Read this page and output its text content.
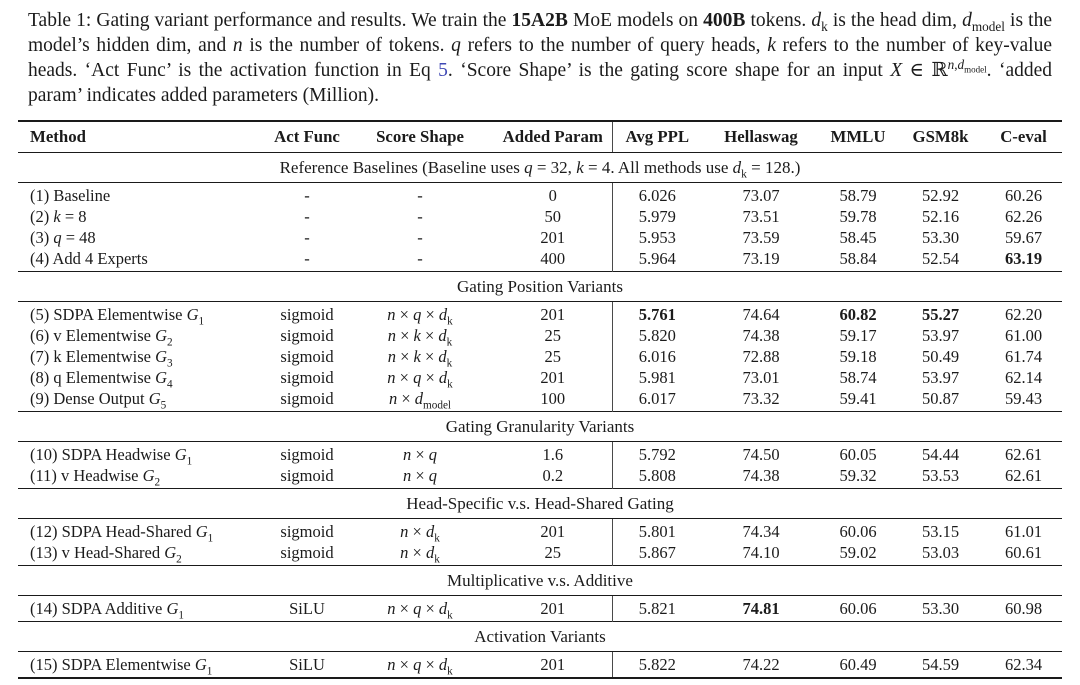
Table 1: Gating variant performance and results. We train the 15A2B MoE models on 400B tokens. $d_k$ is the head dim, $d_{model}$ is the model’s hidden dim, and n is the number of tokens. q refers to the number of query heads, k refers to the number of key-value heads. ‘Act Func’ is the activation function in Eq 5. ‘Score Shape’ is the gating score shape for an input X ∈ ℝ$^{n,d_{model}}$. ‘added param’ indicates added parameters (Million).

Method	Act Func	Score Shape	Added Param	Avg PPL	Hellaswag	MMLU	GSM8k	C-eval
Reference Baselines (Baseline uses q = 32, k = 4. All methods use $d_k = 128$.)								
(1) Baseline	-	-	0	6.026	73.07	58.79	52.92	60.26
(2) k = 8	-	-	50	5.979	73.51	59.78	52.16	62.26
(3) q = 48	-	-	201	5.953	73.59	58.45	53.30	59.67
(4) Add 4 Experts	-	-	400	5.964	73.19	58.84	52.54	63.19
Gating Position Variants								
(5) SDPA Elementwise $G_1$	sigmoid	$n \times q \times d_k$	201	5.761	74.64	60.82	55.27	62.20
(6) v Elementwise $G_2$	sigmoid	$n \times k \times d_k$	25	5.820	74.38	59.17	53.97	61.00
(7) k Elementwise $G_3$	sigmoid	$n \times k \times d_k$	25	6.016	72.88	59.18	50.49	61.74
(8) q Elementwise $G_4$	sigmoid	$n \times q \times d_k$	201	5.981	73.01	58.74	53.97	62.14
(9) Dense Output $G_5$	sigmoid	$n \times d_{model}$	100	6.017	73.32	59.41	50.87	59.43
Gating Granularity Variants								
(10) SDPA Headwise $G_1$	sigmoid	n × q	1.6	5.792	74.50	60.05	54.44	62.61
(11) v Headwise $G_2$	sigmoid	n × q	0.2	5.808	74.38	59.32	53.53	62.61
Head-Specific v.s. Head-Shared Gating								
(12) SDPA Head-Shared $G_1$	sigmoid	$n \times d_k$	201	5.801	74.34	60.06	53.15	61.01
(13) v Head-Shared $G_2$	sigmoid	$n \times d_k$	25	5.867	74.10	59.02	53.03	60.61
Multiplicative v.s. Additive								
(14) SDPA Additive $G_1$	SiLU	$n \times q \times d_k$	201	5.821	74.81	60.06	53.30	60.98
Activation Variants								
(15) SDPA Elementwise $G_1$	SiLU	$n \times q \times d_k$	201	5.822	74.22	60.49	54.59	62.34
